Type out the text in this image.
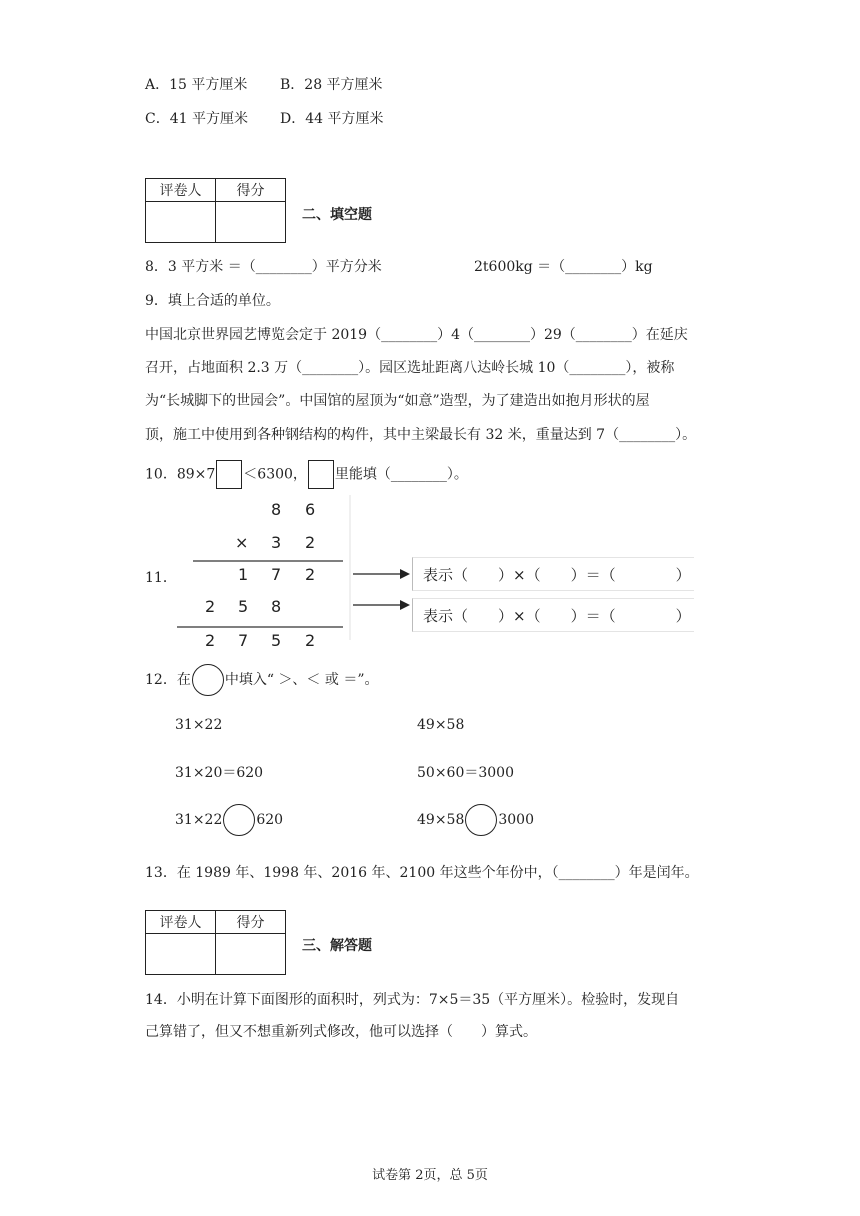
A．15 平方厘米 B．28 平方厘米
C．41 平方厘米 D．44 平方厘米
评卷人	得分

二、填空题
8．3 平方米 ＝（________）平方分米	2t600kg ＝（________）kg
9．填上合适的单位。
中国北京世界园艺博览会定于 2019（________）4（________）29（________）在延庆
召开，占地面积 2.3 万（________）。园区选址距离八达岭长城 10（________），被称
为“长城脚下的世园会”。中国馆的屋顶为“如意”造型，为了建造出如抱月形状的屋
顶，施工中使用到各种钢结构的构件，其中主梁最长有 32 米，重量达到 7（________）。
10．89×7 ＜6300， 里能填（________）。
11．
8 6
× 3 2
1 7 2
2 5 8
2 7 5 2
表示（　　）×（　　）＝（　　　　）
表示（　　）×（　　）＝（　　　　）
12．在 中填入“ ＞、＜ 或 ＝”。
31×22	49×58
31×20＝620	50×60＝3000
31×22 620	49×58 3000
13．在 1989 年、1998 年、2016 年、2100 年这些个年份中，（________）年是闰年。
评卷人	得分

三、解答题
14．小明在计算下面图形的面积时，列式为：7×5＝35（平方厘米）。检验时，发现自
己算错了，但又不想重新列式修改，他可以选择（　　）算式。
试卷第 2页，总 5页
